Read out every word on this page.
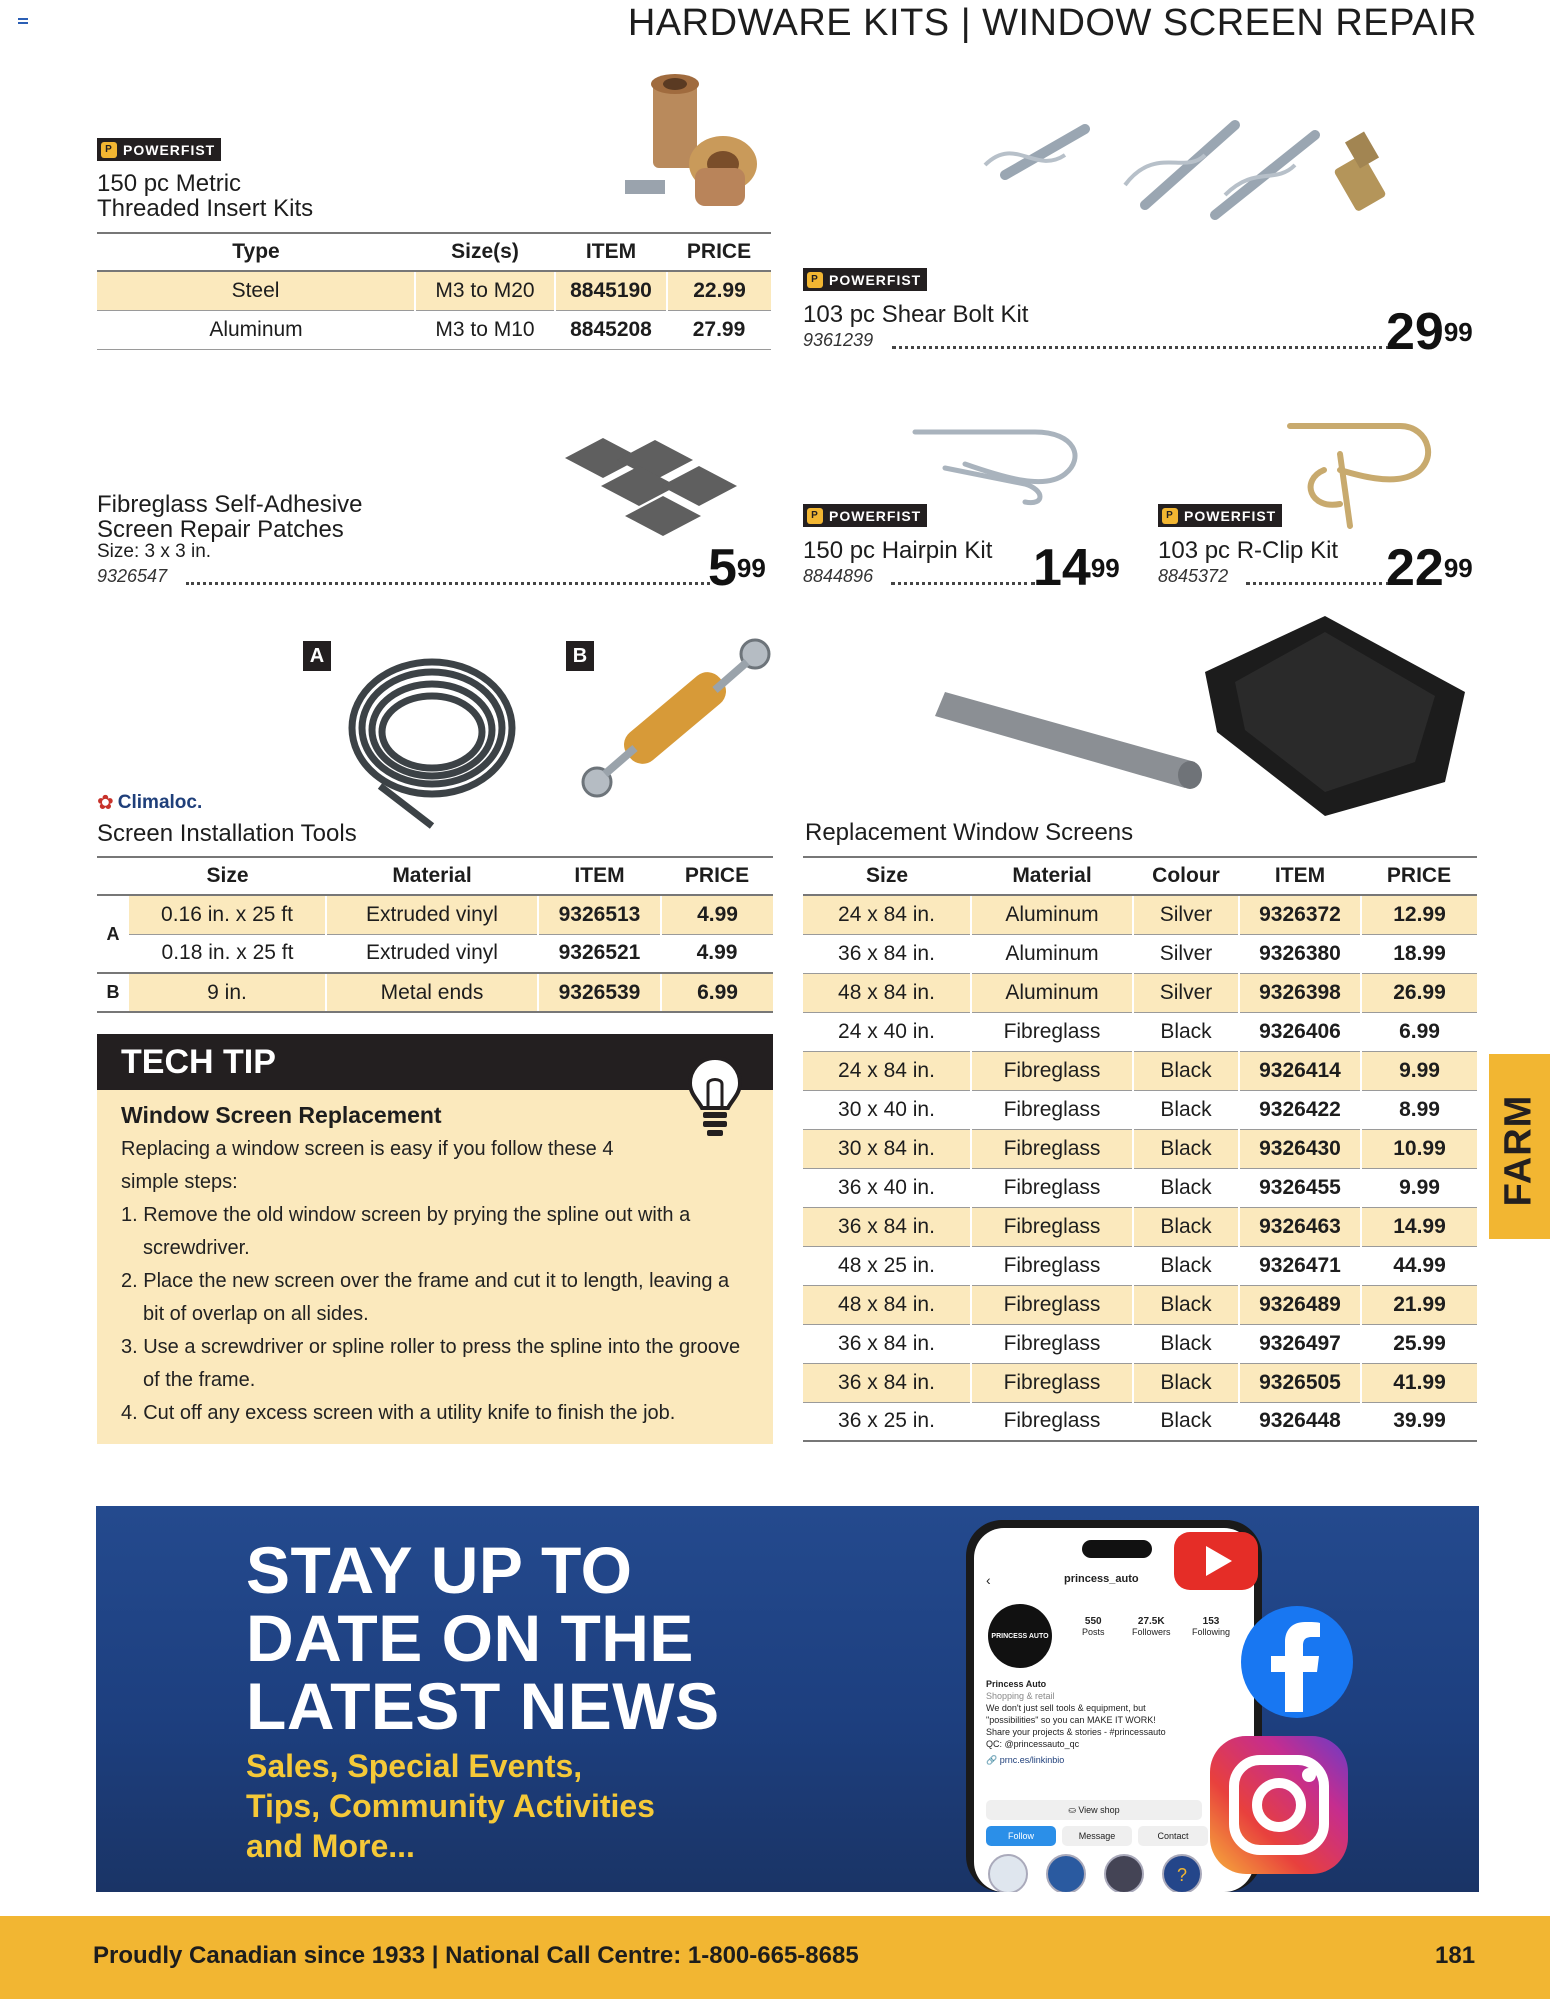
HARDWARE KITS | WINDOW SCREEN REPAIR
P POWERFIST
150 pc Metric
Threaded Insert Kits
Type	Size(s)	ITEM	PRICE
Steel	M3 to M20	8845190	22.99
Aluminum	M3 to M10	8845208	27.99
P POWERFIST
103 pc Shear Bolt Kit
9361239	$29^{99}$
Fibreglass Self-Adhesive
Screen Repair Patches
Size: 3 x 3 in.
9326547	$5^{99}$
P POWERFIST
150 pc Hairpin Kit
8844896	$14^{99}$
P POWERFIST
103 pc R-Clip Kit
8845372	$22^{99}$
A	B
✿ Climaloc.
Screen Installation Tools
	Size	Material	ITEM	PRICE
A	0.16 in. x 25 ft	Extruded vinyl	9326513	4.99
	0.18 in. x 25 ft	Extruded vinyl	9326521	4.99
B	9 in.	Metal ends	9326539	6.99
TECH TIP
Window Screen Replacement
Replacing a window screen is easy if you follow these 4 simple steps:
1. Remove the old window screen by prying the spline out with a screwdriver.
2. Place the new screen over the frame and cut it to length, leaving a bit of overlap on all sides.
3. Use a screwdriver or spline roller to press the spline into the groove of the frame.
4. Cut off any excess screen with a utility knife to finish the job.
Replacement Window Screens
Size	Material	Colour	ITEM	PRICE
24 x 84 in.	Aluminum	Silver	9326372	12.99
36 x 84 in.	Aluminum	Silver	9326380	18.99
48 x 84 in.	Aluminum	Silver	9326398	26.99
24 x 40 in.	Fibreglass	Black	9326406	6.99
24 x 84 in.	Fibreglass	Black	9326414	9.99
30 x 40 in.	Fibreglass	Black	9326422	8.99
30 x 84 in.	Fibreglass	Black	9326430	10.99
36 x 40 in.	Fibreglass	Black	9326455	9.99
36 x 84 in.	Fibreglass	Black	9326463	14.99
48 x 25 in.	Fibreglass	Black	9326471	44.99
48 x 84 in.	Fibreglass	Black	9326489	21.99
36 x 84 in.	Fibreglass	Black	9326497	25.99
36 x 84 in.	Fibreglass	Black	9326505	41.99
36 x 25 in.	Fibreglass	Black	9326448	39.99
FARM
STAY UP TO
DATE ON THE
LATEST NEWS
Sales, Special Events,
Tips, Community Activities
and More...
‹	princess_auto
PRINCESS AUTO
550
Posts
27.5K
Followers
153
Following
Princess Auto
Shopping & retail
We don't just sell tools & equipment, but
"possibilities" so you can MAKE IT WORK!
Share your projects & stories - #princessauto
QC: @princessauto_qc
🔗 prnc.es/linkinbio
⛀ View shop
Follow	Message	Contact
?
Proudly Canadian since 1933 | National Call Centre: 1-800-665-8685	181
